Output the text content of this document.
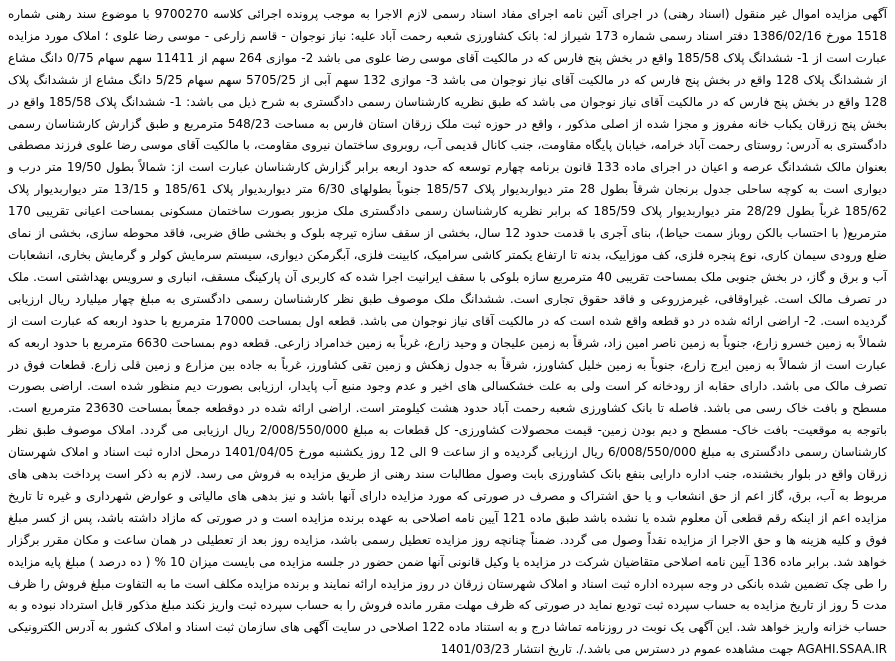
آگهی مزایده اموال غیر منقول (اسناد رهنی) در اجرای آئین نامه اجرای مفاد اسناد رسمی لازم الاجرا به موجب پرونده اجرائی کلاسه 9700270 با موضوع سند رهنی شماره 1518 مورخ 1386/02/16 دفتر اسناد رسمی شماره 173 شیراز له: بانک کشاورزی شعبه رحمت آباد علیه: نیاز نوجوان - قاسم زارعی - موسی رضا علوی ؛ املاک مورد مزایده عبارت است از 1- ششدانگ پلاک 185/58 واقع در بخش پنج فارس که در مالکیت آقای موسی رضا علوی می باشد 2- موازی 264 سهم از 11411 سهم سهام 0/75 دانگ مشاع از ششدانگ پلاک 128 واقع در بخش پنج فارس که در مالکیت آقای نیاز نوجوان می باشد 3- موازی 132 سهم آبی از 5705/25 سهم سهام 5/25 دانگ مشاع از ششدانگ پلاک 128 واقع در بخش پنج فارس که در مالکیت آقای نیاز نوجوان می باشد که طبق نظریه کارشناسان رسمی دادگستری به شرح ذیل می باشد: 1- ششدانگ پلاک 185/58 واقع در بخش پنج زرقان یکباب خانه مفروز و مجزا شده از اصلی مذکور ، واقع در حوزه ثبت ملک زرقان استان فارس به مساحت 548/23 مترمربع و طبق گزارش کارشناسان رسمی دادگستری به آدرس: روستای رحمت آباد خرامه، خیابان پایگاه مقاومت، جنب کانال قدیمی آب، روبروی ساختمان نیروی مقاومت، با مالکیت آقای موسی رضا علوی فرزند مصطفی بعنوان مالک ششدانگ عرصه و اعیان در اجرای ماده 133 قانون برنامه چهارم توسعه که حدود اربعه برابر گزارش کارشناسان عبارت است از: شمالاً بطول 19/50 متر درب و دیواری است به کوچه ساحلی جدول برنجان شرقاً بطول 28 متر دیواربدیوار پلاک 185/57 جنوباً بطولهای 6/30 متر دیواربدیوار پلاک 185/61 و 13/15 متر دیواربدیوار پلاک 185/62 غرباً بطول 28/29 متر دیواربدیوار پلاک 185/59 که برابر نظریه کارشناسان رسمی دادگستری ملک مزبور بصورت ساختمان مسکونی بمساحت اعیانی تقریبی 170 مترمربع( با احتساب بالکن روباز سمت حیاط)، بنای آجری با قدمت حدود 12 سال، بخشی از سقف سازه تیرچه بلوک و بخشی طاق ضربی، فاقد محوطه سازی، بخشی از نمای ضلع ورودی سیمان کاری، نوع پنجره فلزی، کف موزاییک، بدنه تا ارتفاع یکمتر کاشی سرامیک، کابینت فلزی، آبگرمکن دیواری، سیستم سرمایش کولر و گرمایش بخاری، انشعابات آب و برق و گاز، در بخش جنوبی ملک بمساحت تقریبی 40 مترمربع سازه بلوکی با سقف ایرانیت اجرا شده که کاربری آن پارکینگ مسقف، انباری و سرویس بهداشتی است. ملک در تصرف مالک است. غیراوقافی، غیرمزروعی و فاقد حقوق تجاری است. ششدانگ ملک موصوف طبق نظر کارشناسان رسمی دادگستری به مبلغ چهار میلیارد ریال ارزیابی گردیده است. 2- اراضی ارائه شده در دو قطعه واقع شده است که در مالکیت آقای نیاز نوجوان می باشد. قطعه اول بمساحت 17000 مترمربع با حدود اربعه که عبارت است از شمالاً به زمین خسرو زارع، جنوباً به زمین ناصر امین زاد، شرقاً به زمین عليجان و وحید زارع، غرباً به زمین خدامراد زارعی. قطعه دوم بمساحت 6630 مترمربع با حدود اربعه که عبارت است از شمالاً به زمین ایرج زارع، جنوباً به زمین خلیل کشاورز، شرقاً به جدول زهکش و زمین تقی کشاورز، غرباً به جاده بین مزارع و زمین قلی زارع. قطعات فوق در تصرف مالک می باشد. دارای حقابه از رودخانه کر است ولی به علت خشکسالی های اخیر و عدم وجود منبع آب پایدار، ارزیابی بصورت دیم منظور شده است. اراضی بصورت مسطح و بافت خاک رسی می باشد. فاصله تا بانک کشاورزی شعبه رحمت آباد حدود هشت کیلومتر است. اراضی ارائه شده در دوقطعه جمعاً بمساحت 23630 مترمربع است. باتوجه به موقعیت- بافت خاک- مسطح و دیم بودن زمین- قیمت محصولات کشاورزی- کل قطعات به مبلغ 2/008/550/000 ریال ارزیابی می گردد. املاک موصوف طبق نظر کارشناسان رسمی دادگستری به مبلغ 6/008/550/000 ریال ارزیابی گردیده و از ساعت 9 الی 12 روز یکشنبه مورخ 1401/04/05 درمحل اداره ثبت اسناد و املاک شهرستان زرقان واقع در بلوار بخشنده، جنب اداره دارایی بنفع بانک کشاورزی بابت وصول مطالبات سند رهنی از طریق مزایده به فروش می رسد. لازم به ذکر است پرداخت بدهی های مربوط به آب، برق، گاز اعم از حق انشعاب و یا حق اشتراک و مصرف در صورتی که مورد مزایده دارای آنها باشد و نیز بدهی های مالیاتی و عوارض شهرداری و غیره تا تاریخ مزایده اعم از اینکه رقم قطعی آن معلوم شده یا نشده باشد طبق ماده 121 آیین نامه اصلاحی به عهده برنده مزایده است و در صورتی که مازاد داشته باشد، پس از کسر مبلغ فوق و کلیه هزینه ها و حق الاجرا از مزایده نقداً وصول می گردد. ضمناً چنانچه روز مزایده تعطیل رسمی باشد، مزایده روز بعد از تعطیلی در همان ساعت و مکان مقرر برگزار خواهد شد. برابر ماده 136 آیین نامه اصلاحی متقاضیان شرکت در مزایده یا وکیل قانونی آنها ضمن حضور در جلسه مزایده می بایست میزان 10 % ( ده درصد ) مبلغ پایه مزایده را طی چک تضمین شده بانکی در وجه سپرده اداره ثبت اسناد و املاک شهرستان زرقان در روز مزایده ارائه نمایند و برنده مزایده مکلف است ما به التفاوت مبلغ فروش را ظرف مدت 5 روز از تاریخ مزایده به حساب سپرده ثبت تودیع نماید در صورتی که ظرف مهلت مقرر مانده فروش را به حساب سپرده ثبت واریز نکند مبلغ مذکور قابل استرداد نبوده و به حساب خزانه واریز خواهد شد. این آگهی یک نوبت در روزنامه تماشا درج و به استناد ماده 122 اصلاحی در سایت آگهی های سازمان ثبت اسناد و املاک کشور به آدرس الکترونیکی AGAHI.SSAA.IR جهت مشاهده عموم در دسترس می باشد./. تاریخ انتشار 1401/03/23
